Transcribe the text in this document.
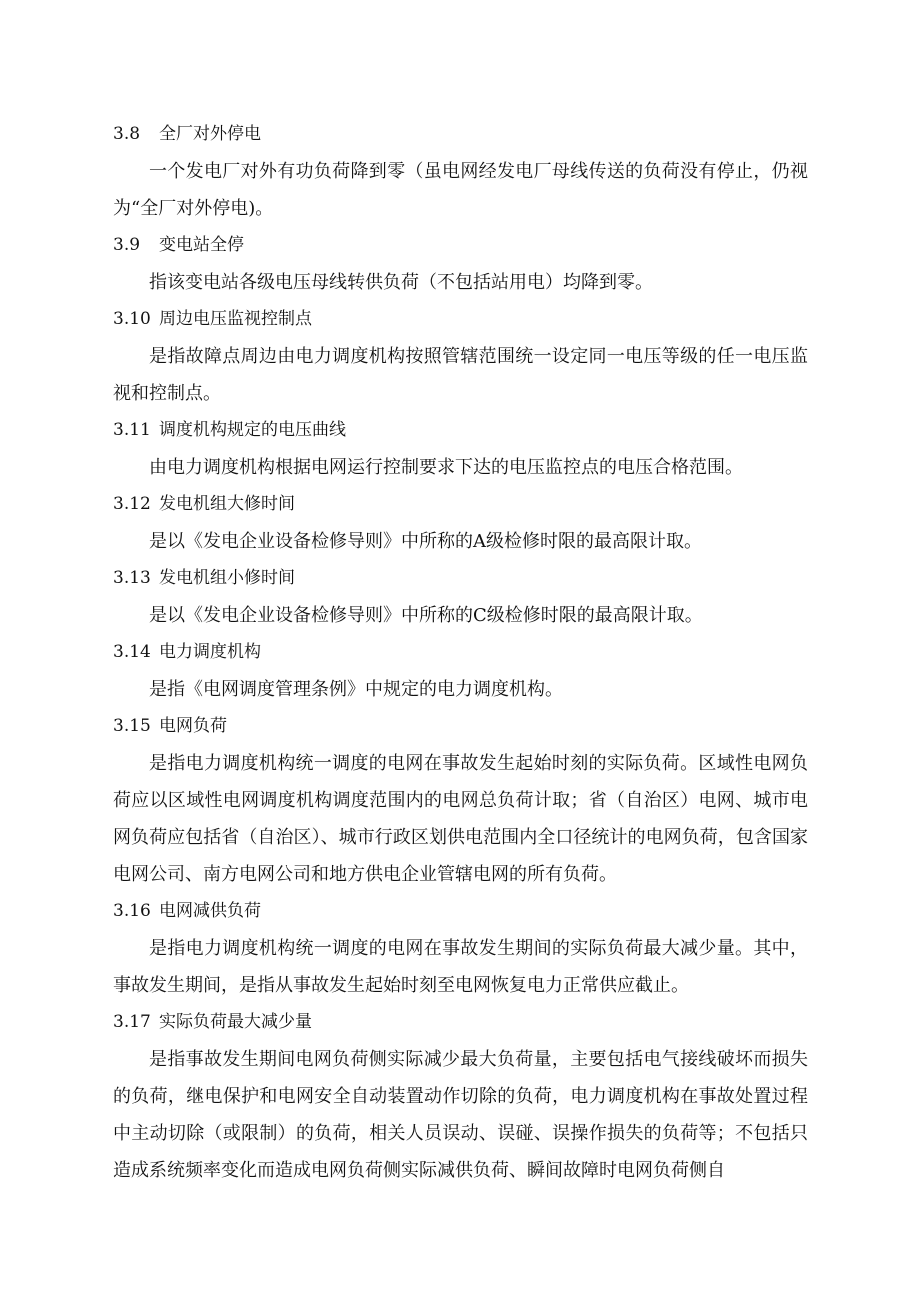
3.8 全厂对外停电

一个发电厂对外有功负荷降到零（虽电网经发电厂母线传送的负荷没有停止，仍视为“全厂对外停电)。

3.9 变电站全停

指该变电站各级电压母线转供负荷（不包括站用电）均降到零。

3.10 周边电压监视控制点

是指故障点周边由电力调度机构按照管辖范围统一设定同一电压等级的任一电压监视和控制点。

3.11 调度机构规定的电压曲线

由电力调度机构根据电网运行控制要求下达的电压监控点的电压合格范围。

3.12 发电机组大修时间

是以《发电企业设备检修导则》中所称的A级检修时限的最高限计取。

3.13 发电机组小修时间

是以《发电企业设备检修导则》中所称的C级检修时限的最高限计取。

3.14 电力调度机构

是指《电网调度管理条例》中规定的电力调度机构。

3.15 电网负荷

是指电力调度机构统一调度的电网在事故发生起始时刻的实际负荷。区域性电网负荷应以区域性电网调度机构调度范围内的电网总负荷计取；省（自治区）电网、城市电网负荷应包括省（自治区）、城市行政区划供电范围内全口径统计的电网负荷，包含国家电网公司、南方电网公司和地方供电企业管辖电网的所有负荷。

3.16 电网减供负荷

是指电力调度机构统一调度的电网在事故发生期间的实际负荷最大减少量。其中，事故发生期间，是指从事故发生起始时刻至电网恢复电力正常供应截止。

3.17 实际负荷最大减少量

是指事故发生期间电网负荷侧实际减少最大负荷量，主要包括电气接线破坏而损失的负荷，继电保护和电网安全自动装置动作切除的负荷，电力调度机构在事故处置过程中主动切除（或限制）的负荷，相关人员误动、误碰、误操作损失的负荷等；不包括只造成系统频率变化而造成电网负荷侧实际减供负荷、瞬间故障时电网负荷侧自
